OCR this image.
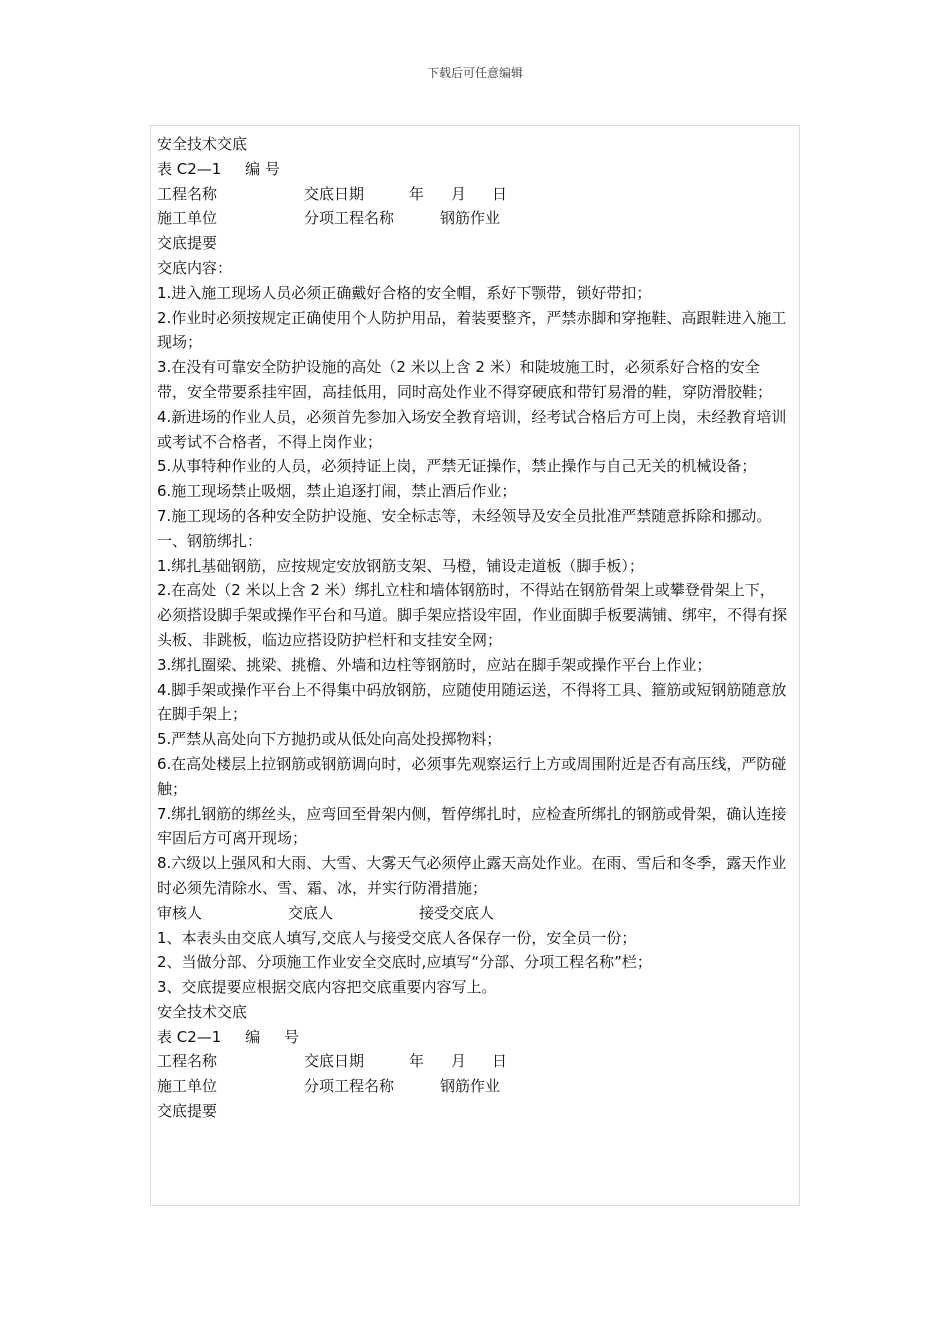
下载后可任意编辑
安全技术交底
表 C2—1     编 号
工程名称	交底日期	年 月 日
施工单位	分项工程名称	钢筋作业
交底提要
交底内容：
1.进入施工现场人员必须正确戴好合格的安全帽，系好下颚带，锁好带扣；
2.作业时必须按规定正确使用个人防护用品，着装要整齐，严禁赤脚和穿拖鞋、高跟鞋进入施工现场；
3.在没有可靠安全防护设施的高处（2 米以上含 2 米）和陡坡施工时，必须系好合格的安全带，安全带要系挂牢固，高挂低用，同时高处作业不得穿硬底和带钉易滑的鞋，穿防滑胶鞋；
4.新进场的作业人员，必须首先参加入场安全教育培训，经考试合格后方可上岗，未经教育培训或考试不合格者，不得上岗作业；
5.从事特种作业的人员，必须持证上岗，严禁无证操作，禁止操作与自己无关的机械设备；
6.施工现场禁止吸烟，禁止追逐打闹，禁止酒后作业；
7.施工现场的各种安全防护设施、安全标志等，未经领导及安全员批准严禁随意拆除和挪动。
一、钢筋绑扎：
1.绑扎基础钢筋，应按规定安放钢筋支架、马橙，铺设走道板（脚手板）；
2.在高处（2 米以上含 2 米）绑扎立柱和墙体钢筋时，不得站在钢筋骨架上或攀登骨架上下，必须搭设脚手架或操作平台和马道。脚手架应搭设牢固，作业面脚手板要满铺、绑牢，不得有探头板、非跳板，临边应搭设防护栏杆和支挂安全网；
3.绑扎圈梁、挑梁、挑檐、外墙和边柱等钢筋时，应站在脚手架或操作平台上作业；
4.脚手架或操作平台上不得集中码放钢筋，应随使用随运送，不得将工具、箍筋或短钢筋随意放在脚手架上；
5.严禁从高处向下方抛扔或从低处向高处投掷物料；
6.在高处楼层上拉钢筋或钢筋调向时，必须事先观察运行上方或周围附近是否有高压线，严防碰触；
7.绑扎钢筋的绑丝头，应弯回至骨架内侧，暂停绑扎时，应检查所绑扎的钢筋或骨架，确认连接牢固后方可离开现场；
8.六级以上强风和大雨、大雪、大雾天气必须停止露天高处作业。在雨、雪后和冬季，露天作业时必须先清除水、雪、霜、冰，并实行防滑措施；
审核人	交底人	接受交底人
1、本表头由交底人填写,交底人与接受交底人各保存一份，安全员一份；
2、当做分部、分项施工作业安全交底时,应填写“分部、分项工程名称”栏；
3、交底提要应根据交底内容把交底重要内容写上。
安全技术交底
表 C2—1     编     号
工程名称	交底日期	年 月 日
施工单位	分项工程名称	钢筋作业
交底提要
